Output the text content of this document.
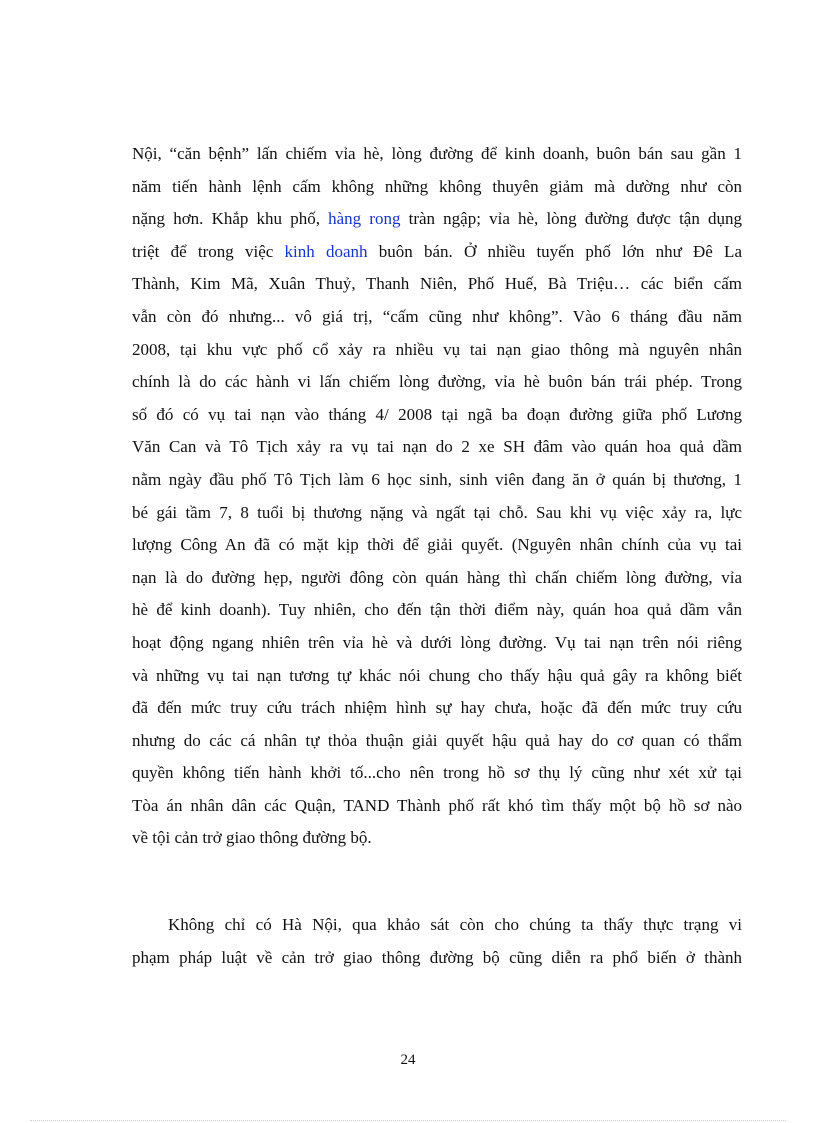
Nội, “căn bệnh” lấn chiếm vỉa hè, lòng đường để kinh doanh, buôn bán sau gần 1
năm tiến hành lệnh cấm không những không thuyên giảm mà dường như còn
nặng hơn. Khắp khu phố, hàng rong tràn ngập; vỉa hè, lòng đường được tận dụng
triệt để trong việc kinh doanh buôn bán. Ở nhiều tuyến phố lớn như Đê La
Thành, Kim Mã, Xuân Thuỷ, Thanh Niên, Phố Huế, Bà Triệu… các biển cấm
vẫn còn đó nhưng... vô giá trị, “cấm cũng như không”. Vào 6 tháng đầu năm
2008, tại khu vực phố cổ xảy ra nhiều vụ tai nạn giao thông mà nguyên nhân
chính là do các hành vi lấn chiếm lòng đường, vỉa hè buôn bán trái phép. Trong
số đó có vụ tai nạn vào tháng 4/ 2008 tại ngã ba đoạn đường giữa phố Lương
Văn Can và Tô Tịch xảy ra vụ tai nạn do 2 xe SH đâm vào quán hoa quả dầm
nằm ngày đầu phố Tô Tịch làm 6 học sinh, sinh viên đang ăn ở quán bị thương, 1
bé gái tầm 7, 8 tuổi bị thương nặng và ngất tại chỗ. Sau khi vụ việc xảy ra, lực
lượng Công An đã có mặt kịp thời để giải quyết. (Nguyên nhân chính của vụ tai
nạn là do đường hẹp, người đông còn quán hàng thì chấn chiếm lòng đường, vỉa
hè để kinh doanh). Tuy nhiên, cho đến tận thời điểm này, quán hoa quả dầm vẫn
hoạt động ngang nhiên trên vỉa hè và dưới lòng đường. Vụ tai nạn trên nói riêng
và những vụ tai nạn tương tự khác nói chung cho thấy hậu quả gây ra không biết
đã đến mức truy cứu trách nhiệm hình sự hay chưa, hoặc đã đến mức truy cứu
nhưng do các cá nhân tự thỏa thuận giải quyết hậu quả hay do cơ quan có thẩm
quyền không tiến hành khởi tố...cho nên trong hồ sơ thụ lý cũng như xét xử tại
Tòa án nhân dân các Quận, TAND Thành phố rất khó tìm thấy một bộ hồ sơ nào
về tội cản trở giao thông đường bộ.
Không chỉ có Hà Nội, qua khảo sát còn cho chúng ta thấy thực trạng vi
phạm pháp luật về cản trở giao thông đường bộ cũng diễn ra phổ biến ở thành
24
